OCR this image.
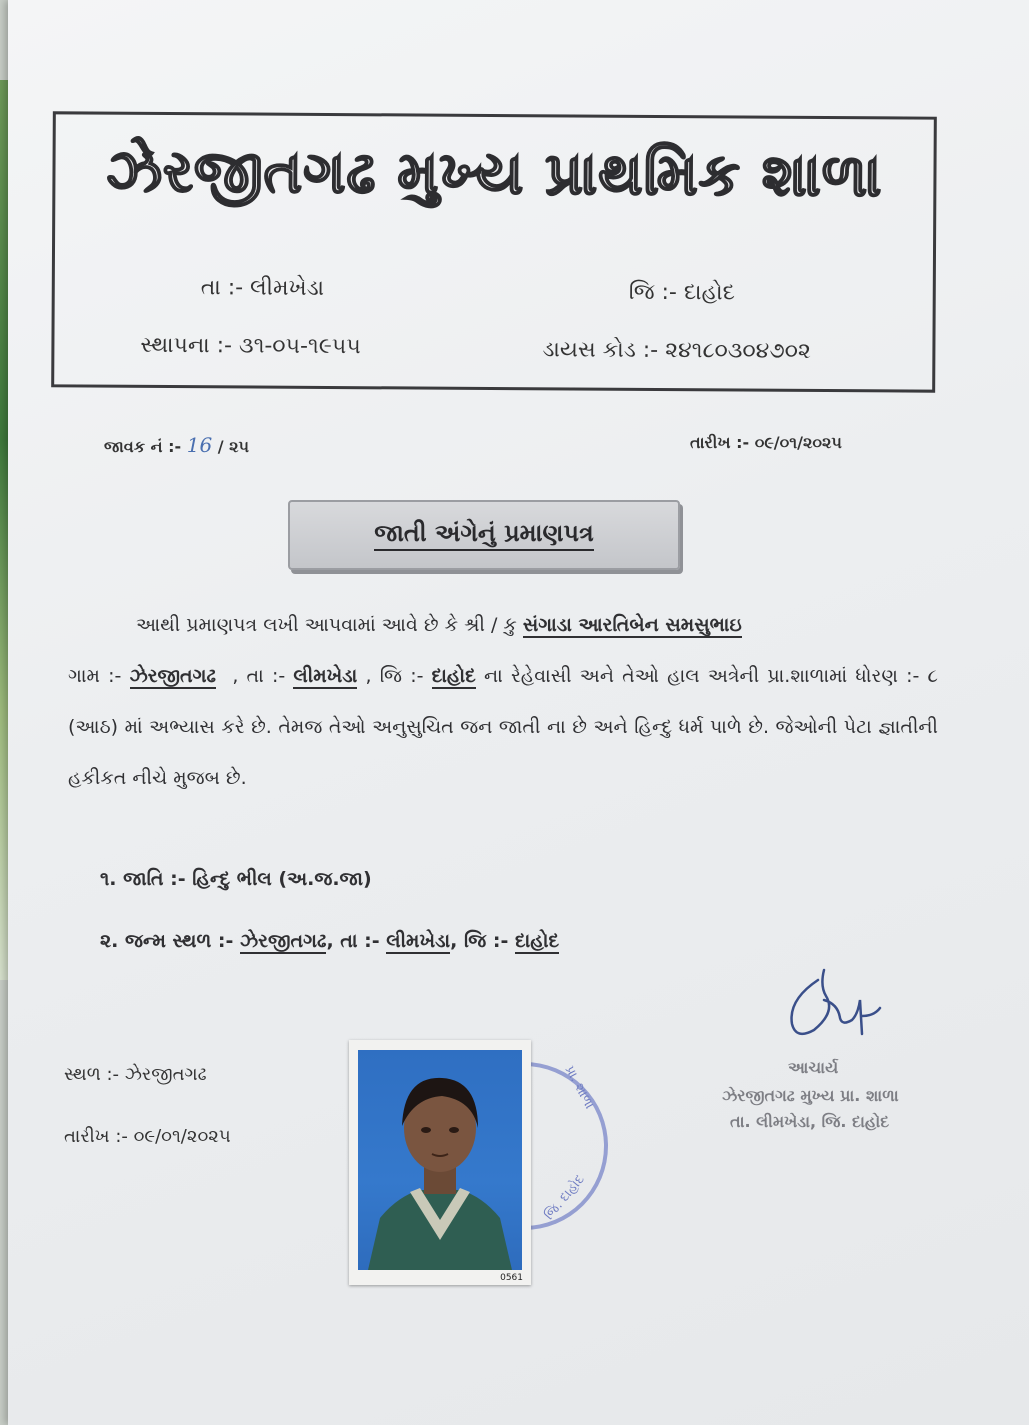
ઝેરજીતગઢ મુખ્ય પ્રાથમિક શાળા
તા :- લીમખેડા	જિ :- દાહોદ
સ્થાપના :- ૩૧-૦૫-૧૯૫૫	ડાયસ કોડ :- ૨૪૧૮૦૩૦૪૭૦૨
જાવક નં :- 16 / ૨૫	તારીખ :- ૦૯/૦૧/૨૦૨૫
જાતી અંગેનું પ્રમાણપત્ર
આથી પ્રમાણપત્ર લખી આપવામાં આવે છે કે શ્રી / કુ સંગાડા આરતિબેન સમસુભાઇ
ગામ :- ઝેરજીતગઢ , તા :- લીમખેડા , જિ :- દાહોદ ના રેહેવાસી અને તેઓ હાલ અત્રેની પ્રા.શાળામાં ધોરણ :- ૮ (આઠ) માં અભ્યાસ કરે છે. તેમજ તેઓ અનુસુચિત જન જાતી ના છે અને હિન્દુ ધર્મ પાળે છે. જેઓની પેટા જ્ઞાતીની હકીકત નીચે મુજબ છે.
૧. જાતિ :- હિન્દુ ભીલ (અ.જ.જા)
૨. જન્મ સ્થળ :- ઝેરજીતગઢ, તા :- લીમખેડા, જિ :- દાહોદ
સ્થળ :- ઝેરજીતગઢ
તારીખ :- ૦૯/૦૧/૨૦૨૫
પ્રા. શાળા
જિ. દાહોદ
0561
આચાર્ય
ઝેરજીતગઢ મુખ્ય પ્રા. શાળા
તા. લીમખેડા, જિ. દાહોદ
